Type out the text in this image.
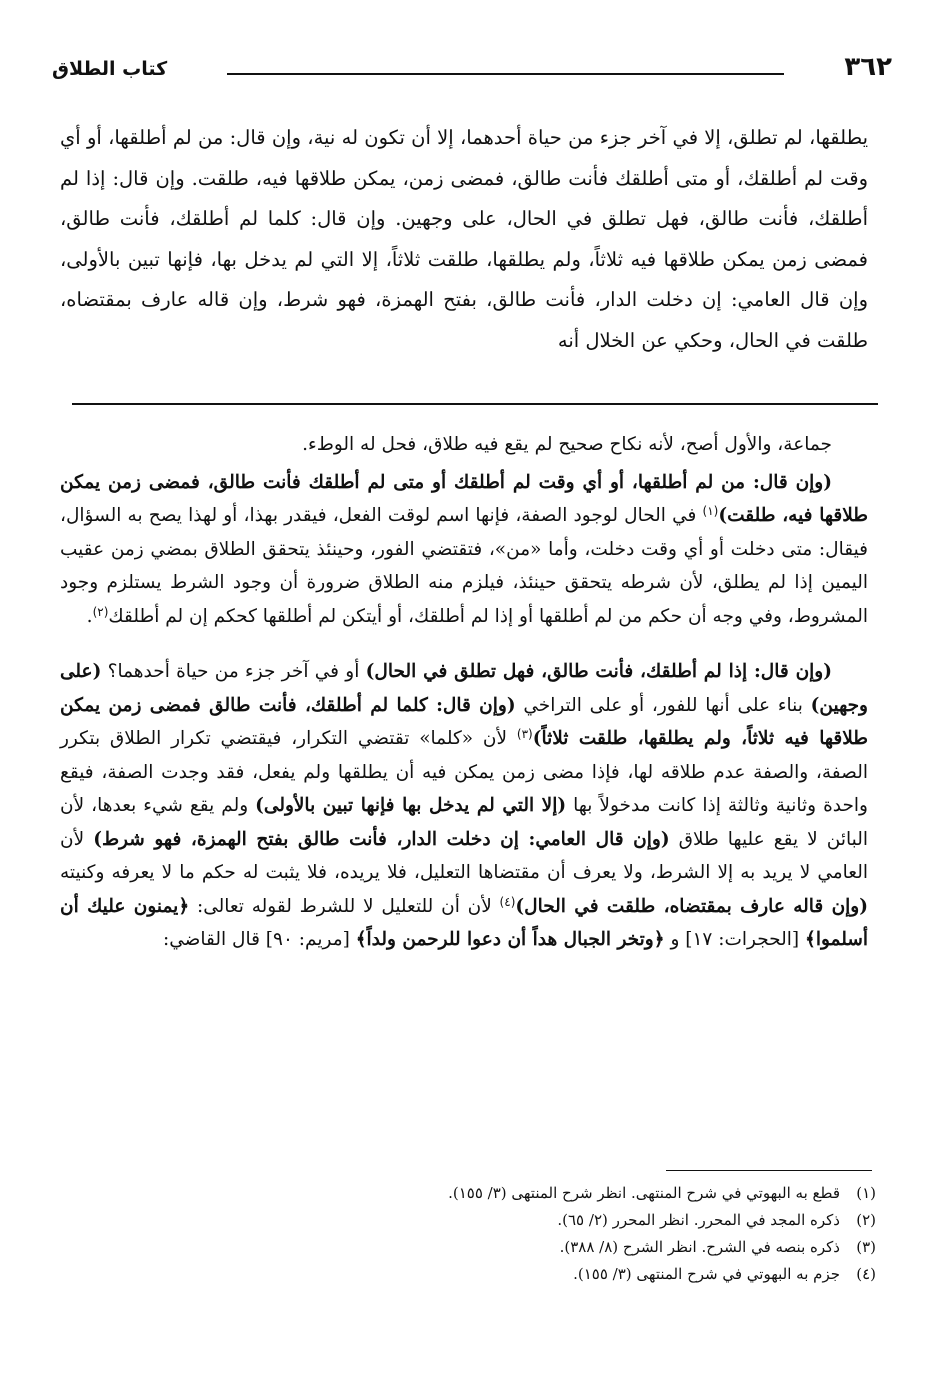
٣٦٢
كتاب الطلاق

يطلقها، لم تطلق، إلا في آخر جزء من حياة أحدهما، إلا أن تكون له نية، وإن قال: من لم أطلقها، أو أي وقت لم أطلقك، أو متى أطلقك فأنت طالق، فمضى زمن، يمكن طلاقها فيه، طلقت. وإن قال: إذا لم أطلقك، فأنت طالق، فهل تطلق في الحال، على وجهين. وإن قال: كلما لم أطلقك، فأنت طالق، فمضى زمن يمكن طلاقها فيه ثلاثاً، ولم يطلقها، طلقت ثلاثاً، إلا التي لم يدخل بها، فإنها تبين بالأولى، وإن قال العامي: إن دخلت الدار، فأنت طالق، بفتح الهمزة، فهو شرط، وإن قاله عارف بمقتضاه، طلقت في الحال، وحكي عن الخلال أنه

جماعة، والأول أصح، لأنه نكاح صحيح لم يقع فيه طلاق، فحل له الوطء.

(وإن قال: من لم أطلقها، أو أي وقت لم أطلقك أو متى لم أطلقك فأنت طالق، فمضى زمن يمكن طلاقها فيه، طلقت)$^{(١)}$ في الحال لوجود الصفة، فإنها اسم لوقت الفعل، فيقدر بهذا، أو لهذا يصح به السؤال، فيقال: متى دخلت أو أي وقت دخلت، وأما «من»، فتقتضي الفور، وحينئذ يتحقق الطلاق بمضي زمن عقيب اليمين إذا لم يطلق، لأن شرطه يتحقق حينئذ، فيلزم منه الطلاق ضرورة أن وجود الشرط يستلزم وجود المشروط، وفي وجه أن حكم من لم أطلقها أو إذا لم أطلقك، أو أيتكن لم أطلقها كحكم إن لم أطلقك$^{(٢)}$.

(وإن قال: إذا لم أطلقك، فأنت طالق، فهل تطلق في الحال) أو في آخر جزء من حياة أحدهما؟ (على وجهين) بناء على أنها للفور، أو على التراخي (وإن قال: كلما لم أطلقك، فأنت طالق فمضى زمن يمكن طلاقها فيه ثلاثاً، ولم يطلقها، طلقت ثلاثاً)$^{(٣)}$ لأن «كلما» تقتضي التكرار، فيقتضي تكرار الطلاق بتكرر الصفة، والصفة عدم طلاقه لها، فإذا مضى زمن يمكن فيه أن يطلقها ولم يفعل، فقد وجدت الصفة، فيقع واحدة وثانية وثالثة إذا كانت مدخولاً بها (إلا التي لم يدخل بها فإنها تبين بالأولى) ولم يقع شيء بعدها، لأن البائن لا يقع عليها طلاق (وإن قال العامي: إن دخلت الدار، فأنت طالق بفتح الهمزة، فهو شرط) لأن العامي لا يريد به إلا الشرط، ولا يعرف أن مقتضاها التعليل، فلا يريده، فلا يثبت له حكم ما لا يعرفه وكنيته (وإن قاله عارف بمقتضاه، طلقت في الحال)$^{(٤)}$ لأن أن للتعليل لا للشرط لقوله تعالى: ﴿يمنون عليك أن أسلموا﴾ [الحجرات: ١٧] و ﴿وتخر الجبال هداً أن دعوا للرحمن ولداً﴾ [مريم: ٩٠] قال القاضي:

(١)قطع به البهوتي في شرح المنتهى. انظر شرح المنتهى (٣/ ١٥٥).
(٢)ذكره المجد في المحرر. انظر المحرر (٢/ ٦٥).
(٣)ذكره بنصه في الشرح. انظر الشرح (٨/ ٣٨٨).
(٤)جزم به البهوتي في شرح المنتهى (٣/ ١٥٥).
